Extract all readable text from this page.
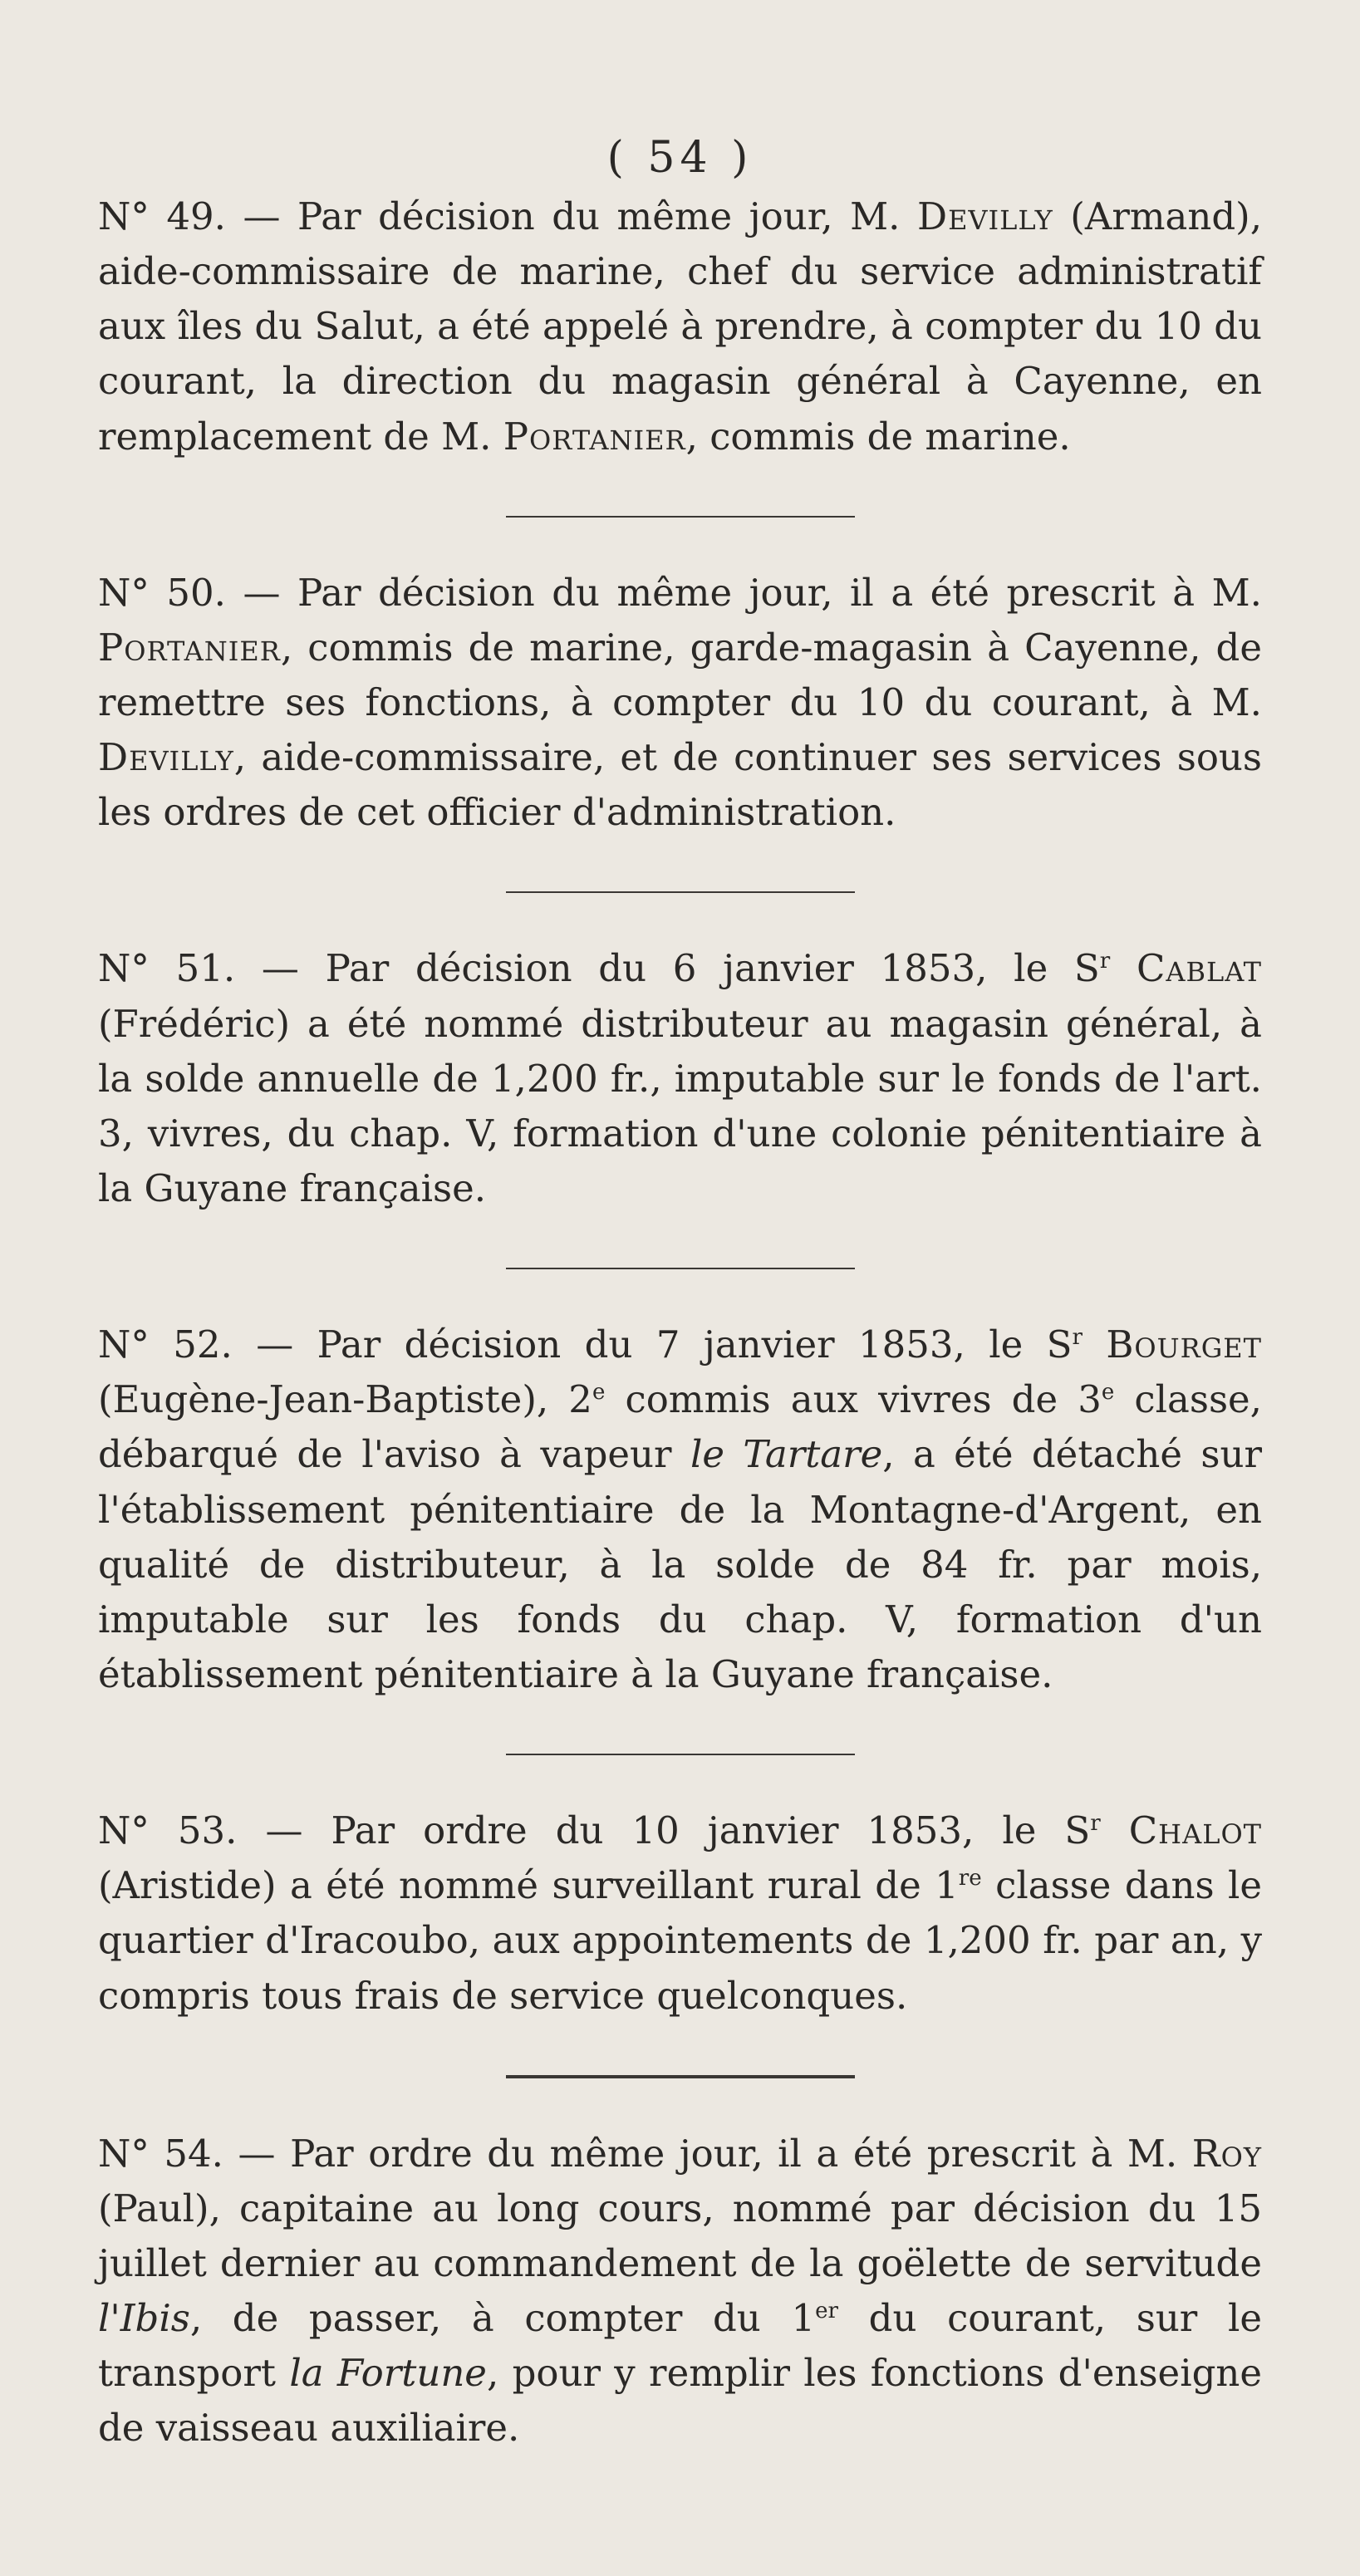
( 54 )

N° 49. — Par décision du même jour, M. Devilly (Armand), aide-commissaire de marine, chef du service administratif aux îles du Salut, a été appelé à prendre, à compter du 10 du courant, la direction du magasin général à Cayenne, en remplacement de M. Portanier, commis de marine.

N° 50. — Par décision du même jour, il a été prescrit à M. Portanier, commis de marine, garde-magasin à Cayenne, de remettre ses fonctions, à compter du 10 du courant, à M. Devilly, aide-commissaire, et de continuer ses services sous les ordres de cet officier d'administration.

N° 51. — Par décision du 6 janvier 1853, le $S^r$ Cablat (Frédéric) a été nommé distributeur au magasin général, à la solde annuelle de 1,200 fr., imputable sur le fonds de l'art. 3, vivres, du chap. V, formation d'une colonie pénitentiaire à la Guyane française.

N° 52. — Par décision du 7 janvier 1853, le $S^r$ Bourget (Eugène-Jean-Baptiste), 2e commis aux vivres de 3e classe, débarqué de l'aviso à vapeur le Tartare, a été détaché sur l'établissement pénitentiaire de la Montagne-d'Argent, en qualité de distributeur, à la solde de 84 fr. par mois, imputable sur les fonds du chap. V, formation d'un établissement pénitentiaire à la Guyane française.

N° 53. — Par ordre du 10 janvier 1853, le $S^r$ Chalot (Aristide) a été nommé surveillant rural de 1re classe dans le quartier d'Iracoubo, aux appointements de 1,200 fr. par an, y compris tous frais de service quelconques.

N° 54. — Par ordre du même jour, il a été prescrit à M. Roy (Paul), capitaine au long cours, nommé par décision du 15 juillet dernier au commandement de la goëlette de servitude l'Ibis, de passer, à compter du 1er du courant, sur le transport la Fortune, pour y remplir les fonctions d'enseigne de vaisseau auxiliaire.
